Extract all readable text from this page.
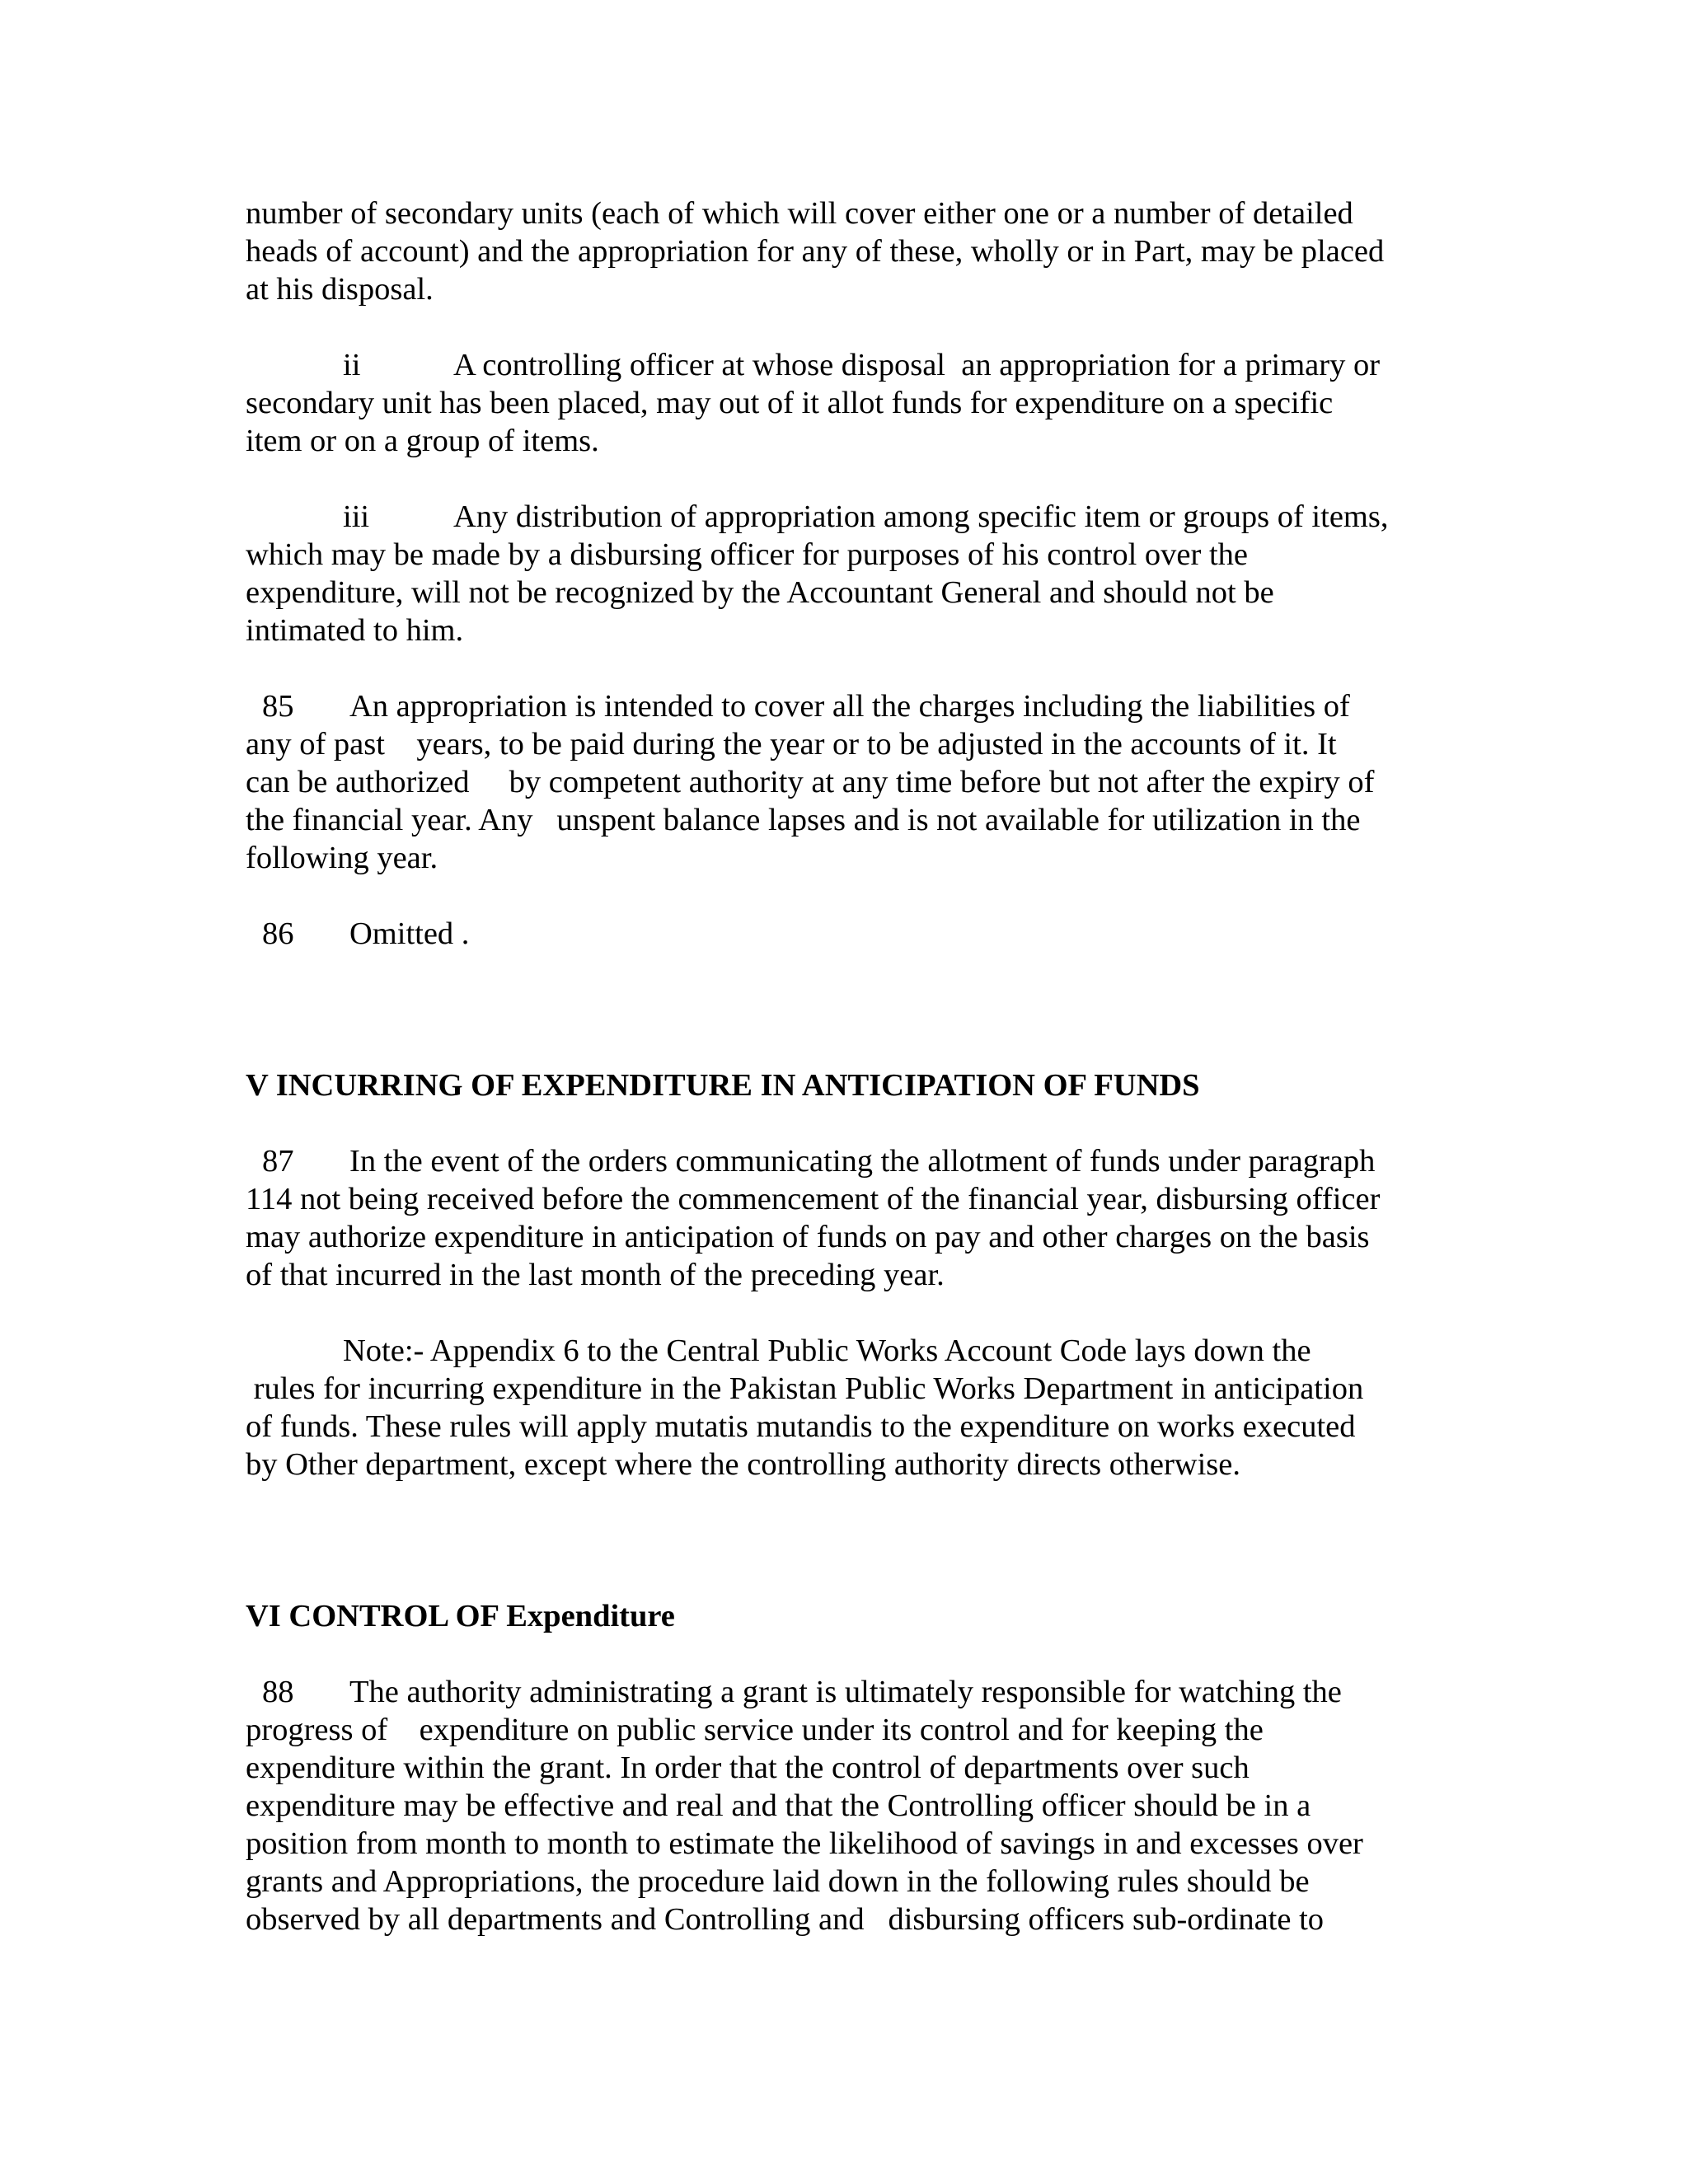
number of secondary units (each of which will cover either one or a number of detailed
heads of account) and the appropriation for any of these, wholly or in Part, may be placed
at his disposal.
ii	A controlling officer at whose disposal  an appropriation for a primary or
secondary unit has been placed, may out of it allot funds for expenditure on a specific
item or on a group of items.
iii	Any distribution of appropriation among specific item or groups of items,
which may be made by a disbursing officer for purposes of his control over the
expenditure, will not be recognized by the Accountant General and should not be
intimated to him.
85 An appropriation is intended to cover all the charges including the liabilities of
any of past    years, to be paid during the year or to be adjusted in the accounts of it. It
can be authorized     by competent authority at any time before but not after the expiry of
the financial year. Any   unspent balance lapses and is not available for utilization in the
following year.
86 Omitted .
V INCURRING OF EXPENDITURE IN ANTICIPATION OF FUNDS
87 In the event of the orders communicating the allotment of funds under paragraph
114 not being received before the commencement of the financial year, disbursing officer
may authorize expenditure in anticipation of funds on pay and other charges on the basis
of that incurred in the last month of the preceding year.
Note:- Appendix 6 to the Central Public Works Account Code lays down the
rules for incurring expenditure in the Pakistan Public Works Department in anticipation
of funds. These rules will apply mutatis mutandis to the expenditure on works executed
by Other department, except where the controlling authority directs otherwise.
VI CONTROL OF Expenditure
88 The authority administrating a grant is ultimately responsible for watching the
progress of    expenditure on public service under its control and for keeping the
expenditure within the grant. In order that the control of departments over such
expenditure may be effective and real and that the Controlling officer should be in a
position from month to month to estimate the likelihood of savings in and excesses over
grants and Appropriations, the procedure laid down in the following rules should be
observed by all departments and Controlling and   disbursing officers sub-ordinate to
